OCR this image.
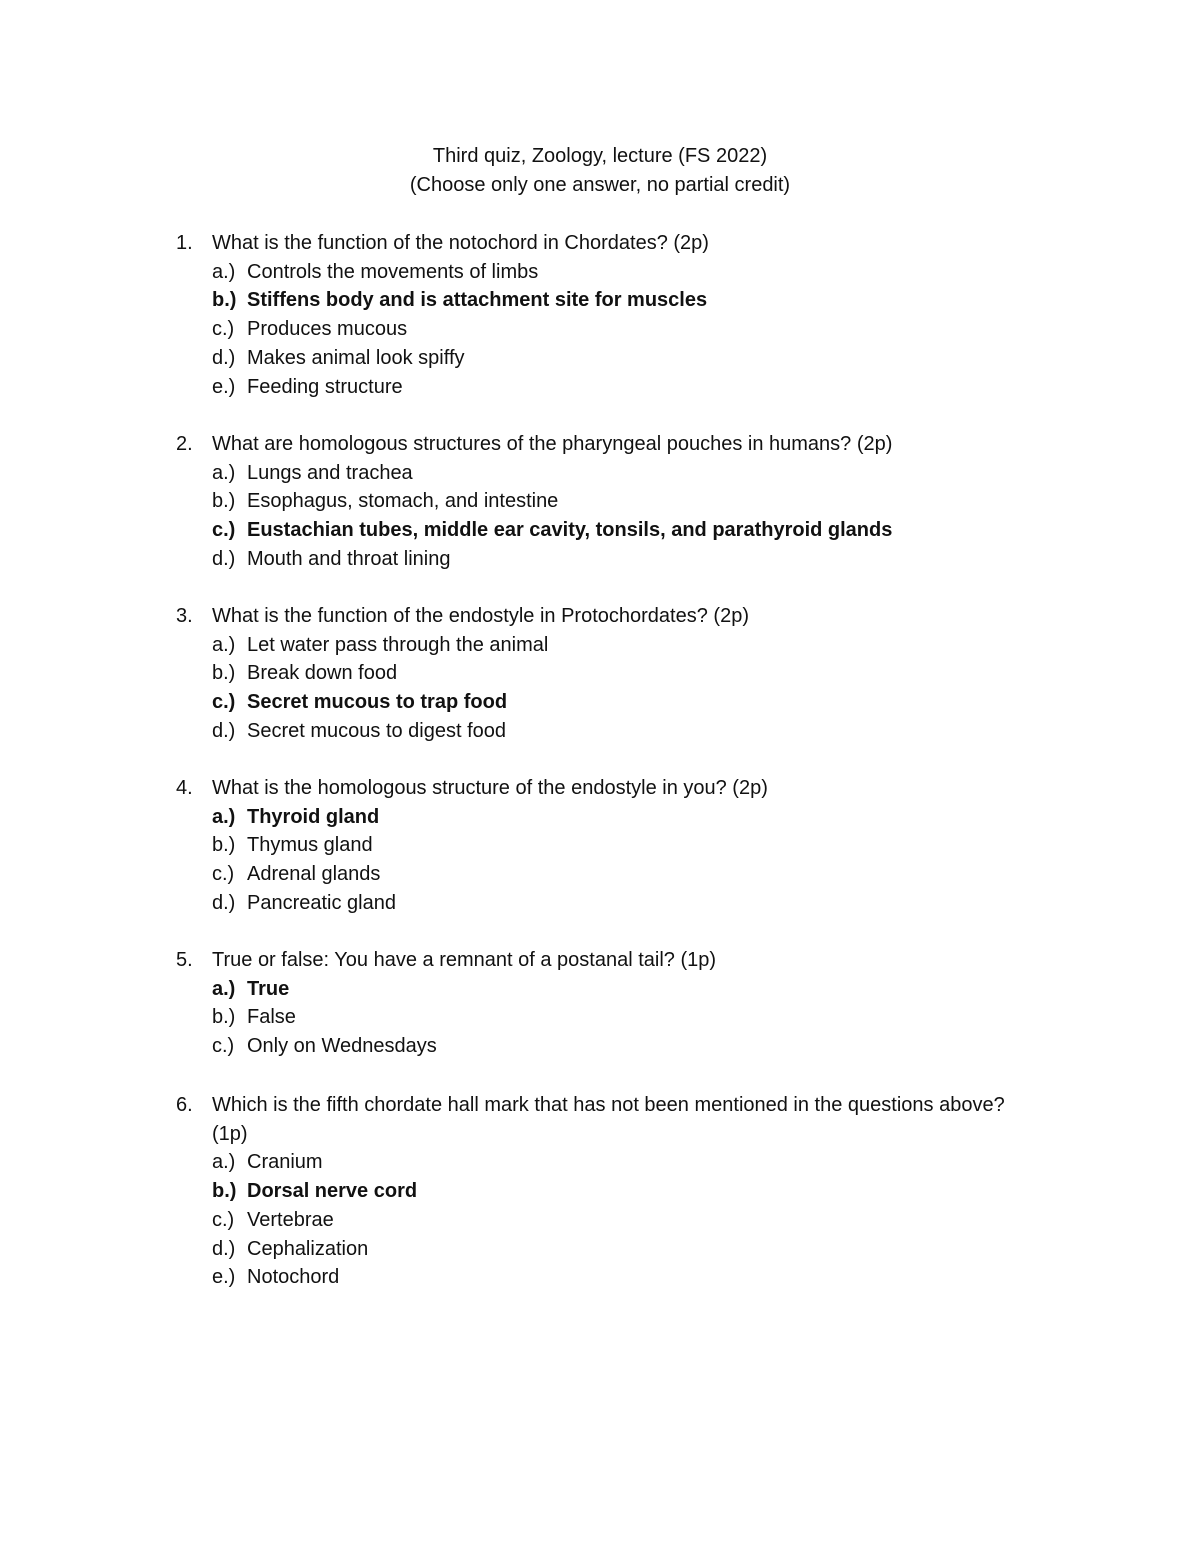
Third quiz, Zoology, lecture (FS 2022)
(Choose only one answer, no partial credit)
1. What is the function of the notochord in Chordates? (2p)
a.) Controls the movements of limbs
b.) Stiffens body and is attachment site for muscles
c.) Produces mucous
d.) Makes animal look spiffy
e.) Feeding structure
2. What are homologous structures of the pharyngeal pouches in humans? (2p)
a.) Lungs and trachea
b.) Esophagus, stomach, and intestine
c.) Eustachian tubes, middle ear cavity, tonsils, and parathyroid glands
d.) Mouth and throat lining
3. What is the function of the endostyle in Protochordates? (2p)
a.) Let water pass through the animal
b.) Break down food
c.) Secret mucous to trap food
d.) Secret mucous to digest food
4. What is the homologous structure of the endostyle in you? (2p)
a.) Thyroid gland
b.) Thymus gland
c.) Adrenal glands
d.) Pancreatic gland
5. True or false: You have a remnant of a postanal tail? (1p)
a.) True
b.) False
c.) Only on Wednesdays
6. Which is the fifth chordate hall mark that has not been mentioned in the questions above? (1p)
a.) Cranium
b.) Dorsal nerve cord
c.) Vertebrae
d.) Cephalization
e.) Notochord
